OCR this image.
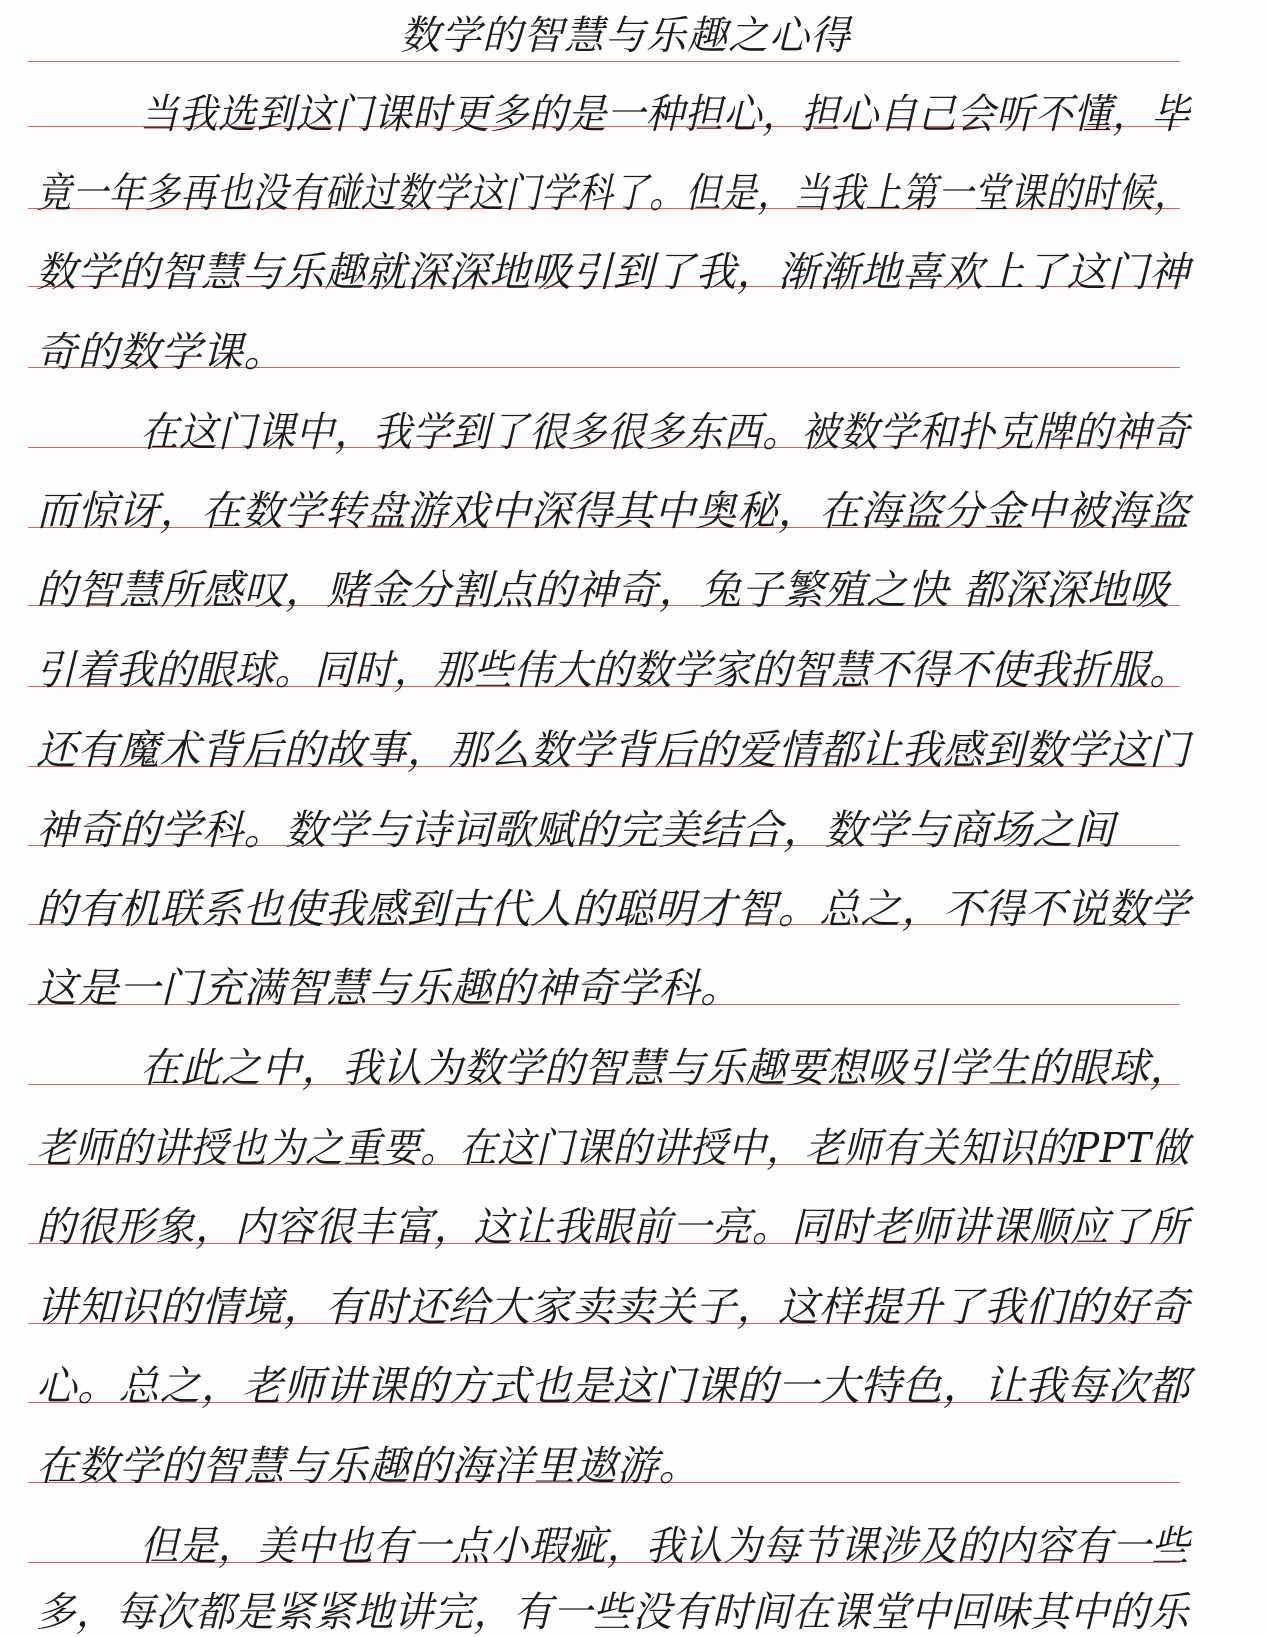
数学的智慧与乐趣之心得
当我选到这门课时更多的是一种担心，担心自己会听不懂，毕
竟一年多再也没有碰过数学这门学科了。但是，当我上第一堂课的时候，
数学的智慧与乐趣就深深地吸引到了我，渐渐地喜欢上了这门神
奇的数学课。
在这门课中，我学到了很多很多东西。被数学和扑克牌的神奇
而惊讶，在数学转盘游戏中深得其中奥秘，在海盗分金中被海盗
的智慧所感叹，赌金分割点的神奇，兔子繁殖之快 都深深地吸
引着我的眼球。同时，那些伟大的数学家的智慧不得不使我折服。
还有魔术背后的故事，那么数学背后的爱情都让我感到数学这门
神奇的学科。数学与诗词歌赋的完美结合，数学与商场之间
的有机联系也使我感到古代人的聪明才智。总之，不得不说数学
这是一门充满智慧与乐趣的神奇学科。
在此之中，我认为数学的智慧与乐趣要想吸引学生的眼球，
老师的讲授也为之重要。在这门课的讲授中，老师有关知识的PPT做
的很形象，内容很丰富，这让我眼前一亮。同时老师讲课顺应了所
讲知识的情境，有时还给大家卖卖关子，这样提升了我们的好奇
心。总之，老师讲课的方式也是这门课的一大特色，让我每次都
在数学的智慧与乐趣的海洋里遨游。
但是，美中也有一点小瑕疵，我认为每节课涉及的内容有一些
多，每次都是紧紧地讲完，有一些没有时间在课堂中回味其中的乐
